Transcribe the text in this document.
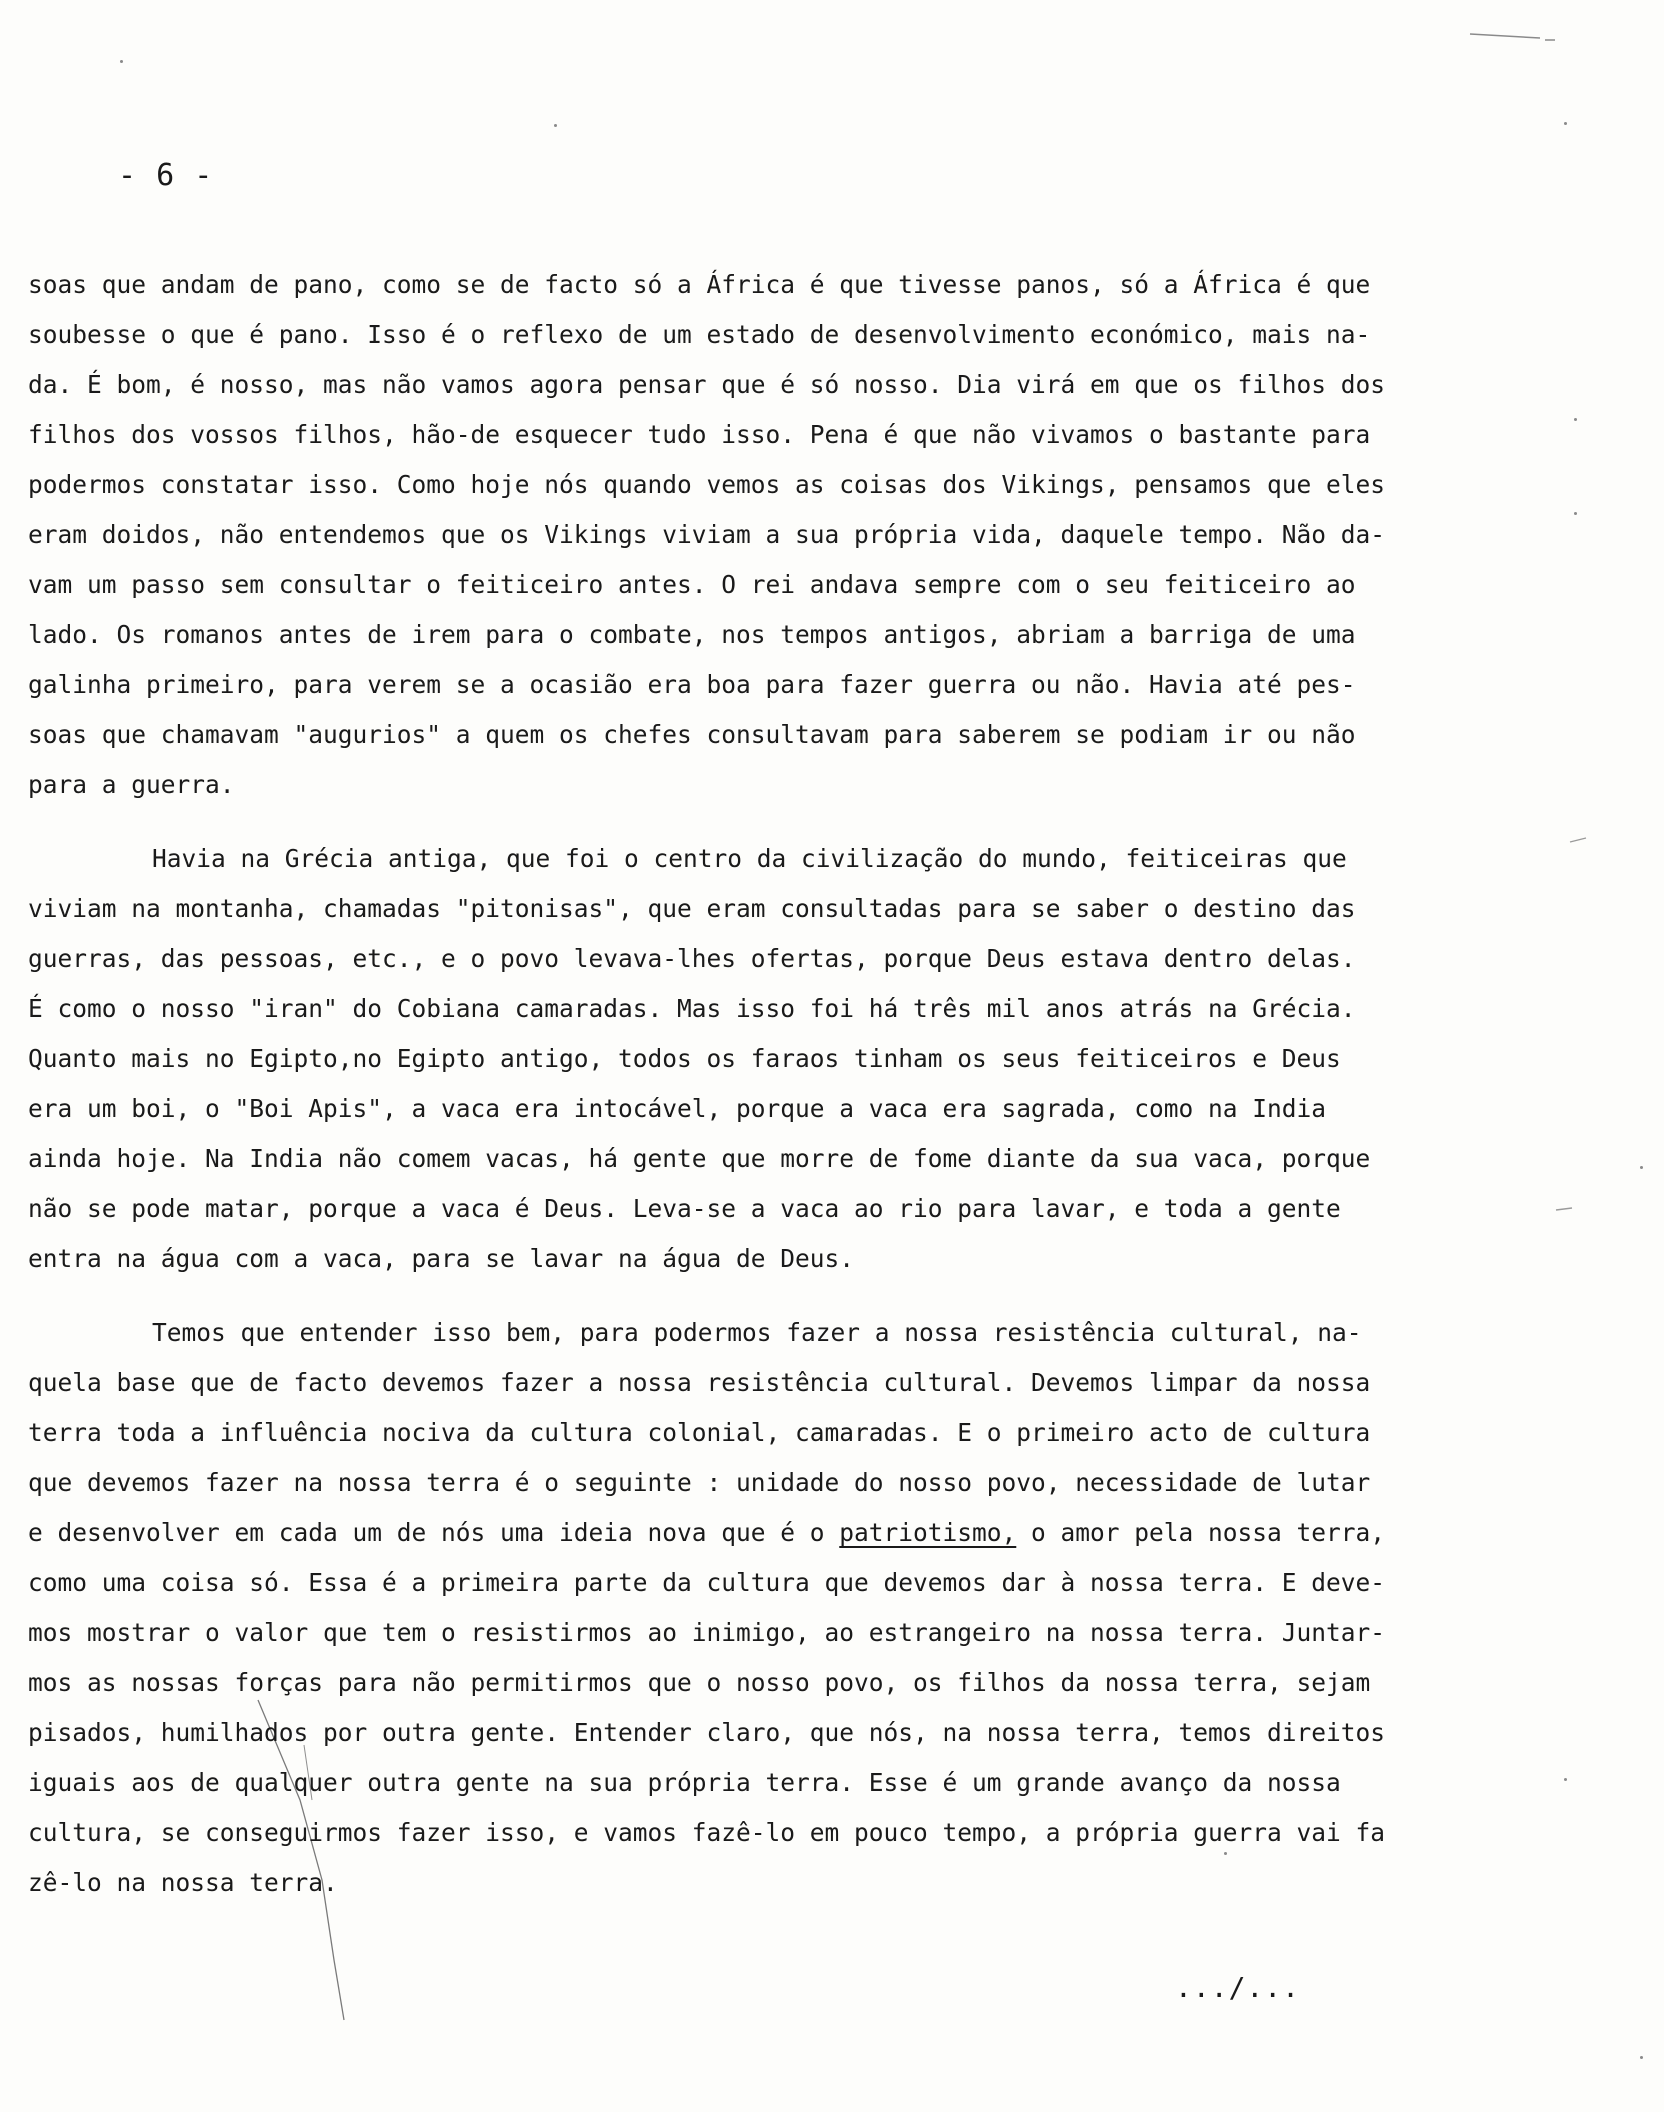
- 6 -
soas que andam de pano, como se de facto só a África é que tivesse panos, só a África é que
soubesse o que é pano. Isso é o reflexo de um estado de desenvolvimento económico, mais na-
da. É bom, é nosso, mas não vamos agora pensar que é só nosso. Dia virá em que os filhos dos
filhos dos vossos filhos, hão-de esquecer tudo isso. Pena é que não vivamos o bastante para
podermos constatar isso. Como hoje nós quando vemos as coisas dos Vikings, pensamos que eles
eram doidos, não entendemos que os Vikings viviam a sua própria vida, daquele tempo. Não da-
vam um passo sem consultar o feiticeiro antes. O rei andava sempre com o seu feiticeiro ao
lado. Os romanos antes de irem para o combate, nos tempos antigos, abriam a barriga de uma
galinha primeiro, para verem se a ocasião era boa para fazer guerra ou não. Havia até pes-
soas que chamavam "augurios" a quem os chefes consultavam para saberem se podiam ir ou não
para a guerra.
Havia na Grécia antiga, que foi o centro da civilização do mundo, feiticeiras que
viviam na montanha, chamadas "pitonisas", que eram consultadas para se saber o destino das
guerras, das pessoas, etc., e o povo levava-lhes ofertas, porque Deus estava dentro delas.
É como o nosso "iran" do Cobiana camaradas. Mas isso foi há três mil anos atrás na Grécia.
Quanto mais no Egipto,no Egipto antigo, todos os faraos tinham os seus feiticeiros e Deus
era um boi, o "Boi Apis", a vaca era intocável, porque a vaca era sagrada, como na India
ainda hoje. Na India não comem vacas, há gente que morre de fome diante da sua vaca, porque
não se pode matar, porque a vaca é Deus. Leva-se a vaca ao rio para lavar, e toda a gente
entra na água com a vaca, para se lavar na água de Deus.
Temos que entender isso bem, para podermos fazer a nossa resistência cultural, na-
quela base que de facto devemos fazer a nossa resistência cultural. Devemos limpar da nossa
terra toda a influência nociva da cultura colonial, camaradas. E o primeiro acto de cultura
que devemos fazer na nossa terra é o seguinte : unidade do nosso povo, necessidade de lutar
e desenvolver em cada um de nós uma ideia nova que é o patriotismo, o amor pela nossa terra,
como uma coisa só. Essa é a primeira parte da cultura que devemos dar à nossa terra. E deve-
mos mostrar o valor que tem o resistirmos ao inimigo, ao estrangeiro na nossa terra. Juntar-
mos as nossas forças para não permitirmos que o nosso povo, os filhos da nossa terra, sejam
pisados, humilhados por outra gente. Entender claro, que nós, na nossa terra, temos direitos
iguais aos de qualquer outra gente na sua própria terra. Esse é um grande avanço da nossa
cultura, se conseguirmos fazer isso, e vamos fazê-lo em pouco tempo, a própria guerra vai fa
zê-lo na nossa terra.
.../...
